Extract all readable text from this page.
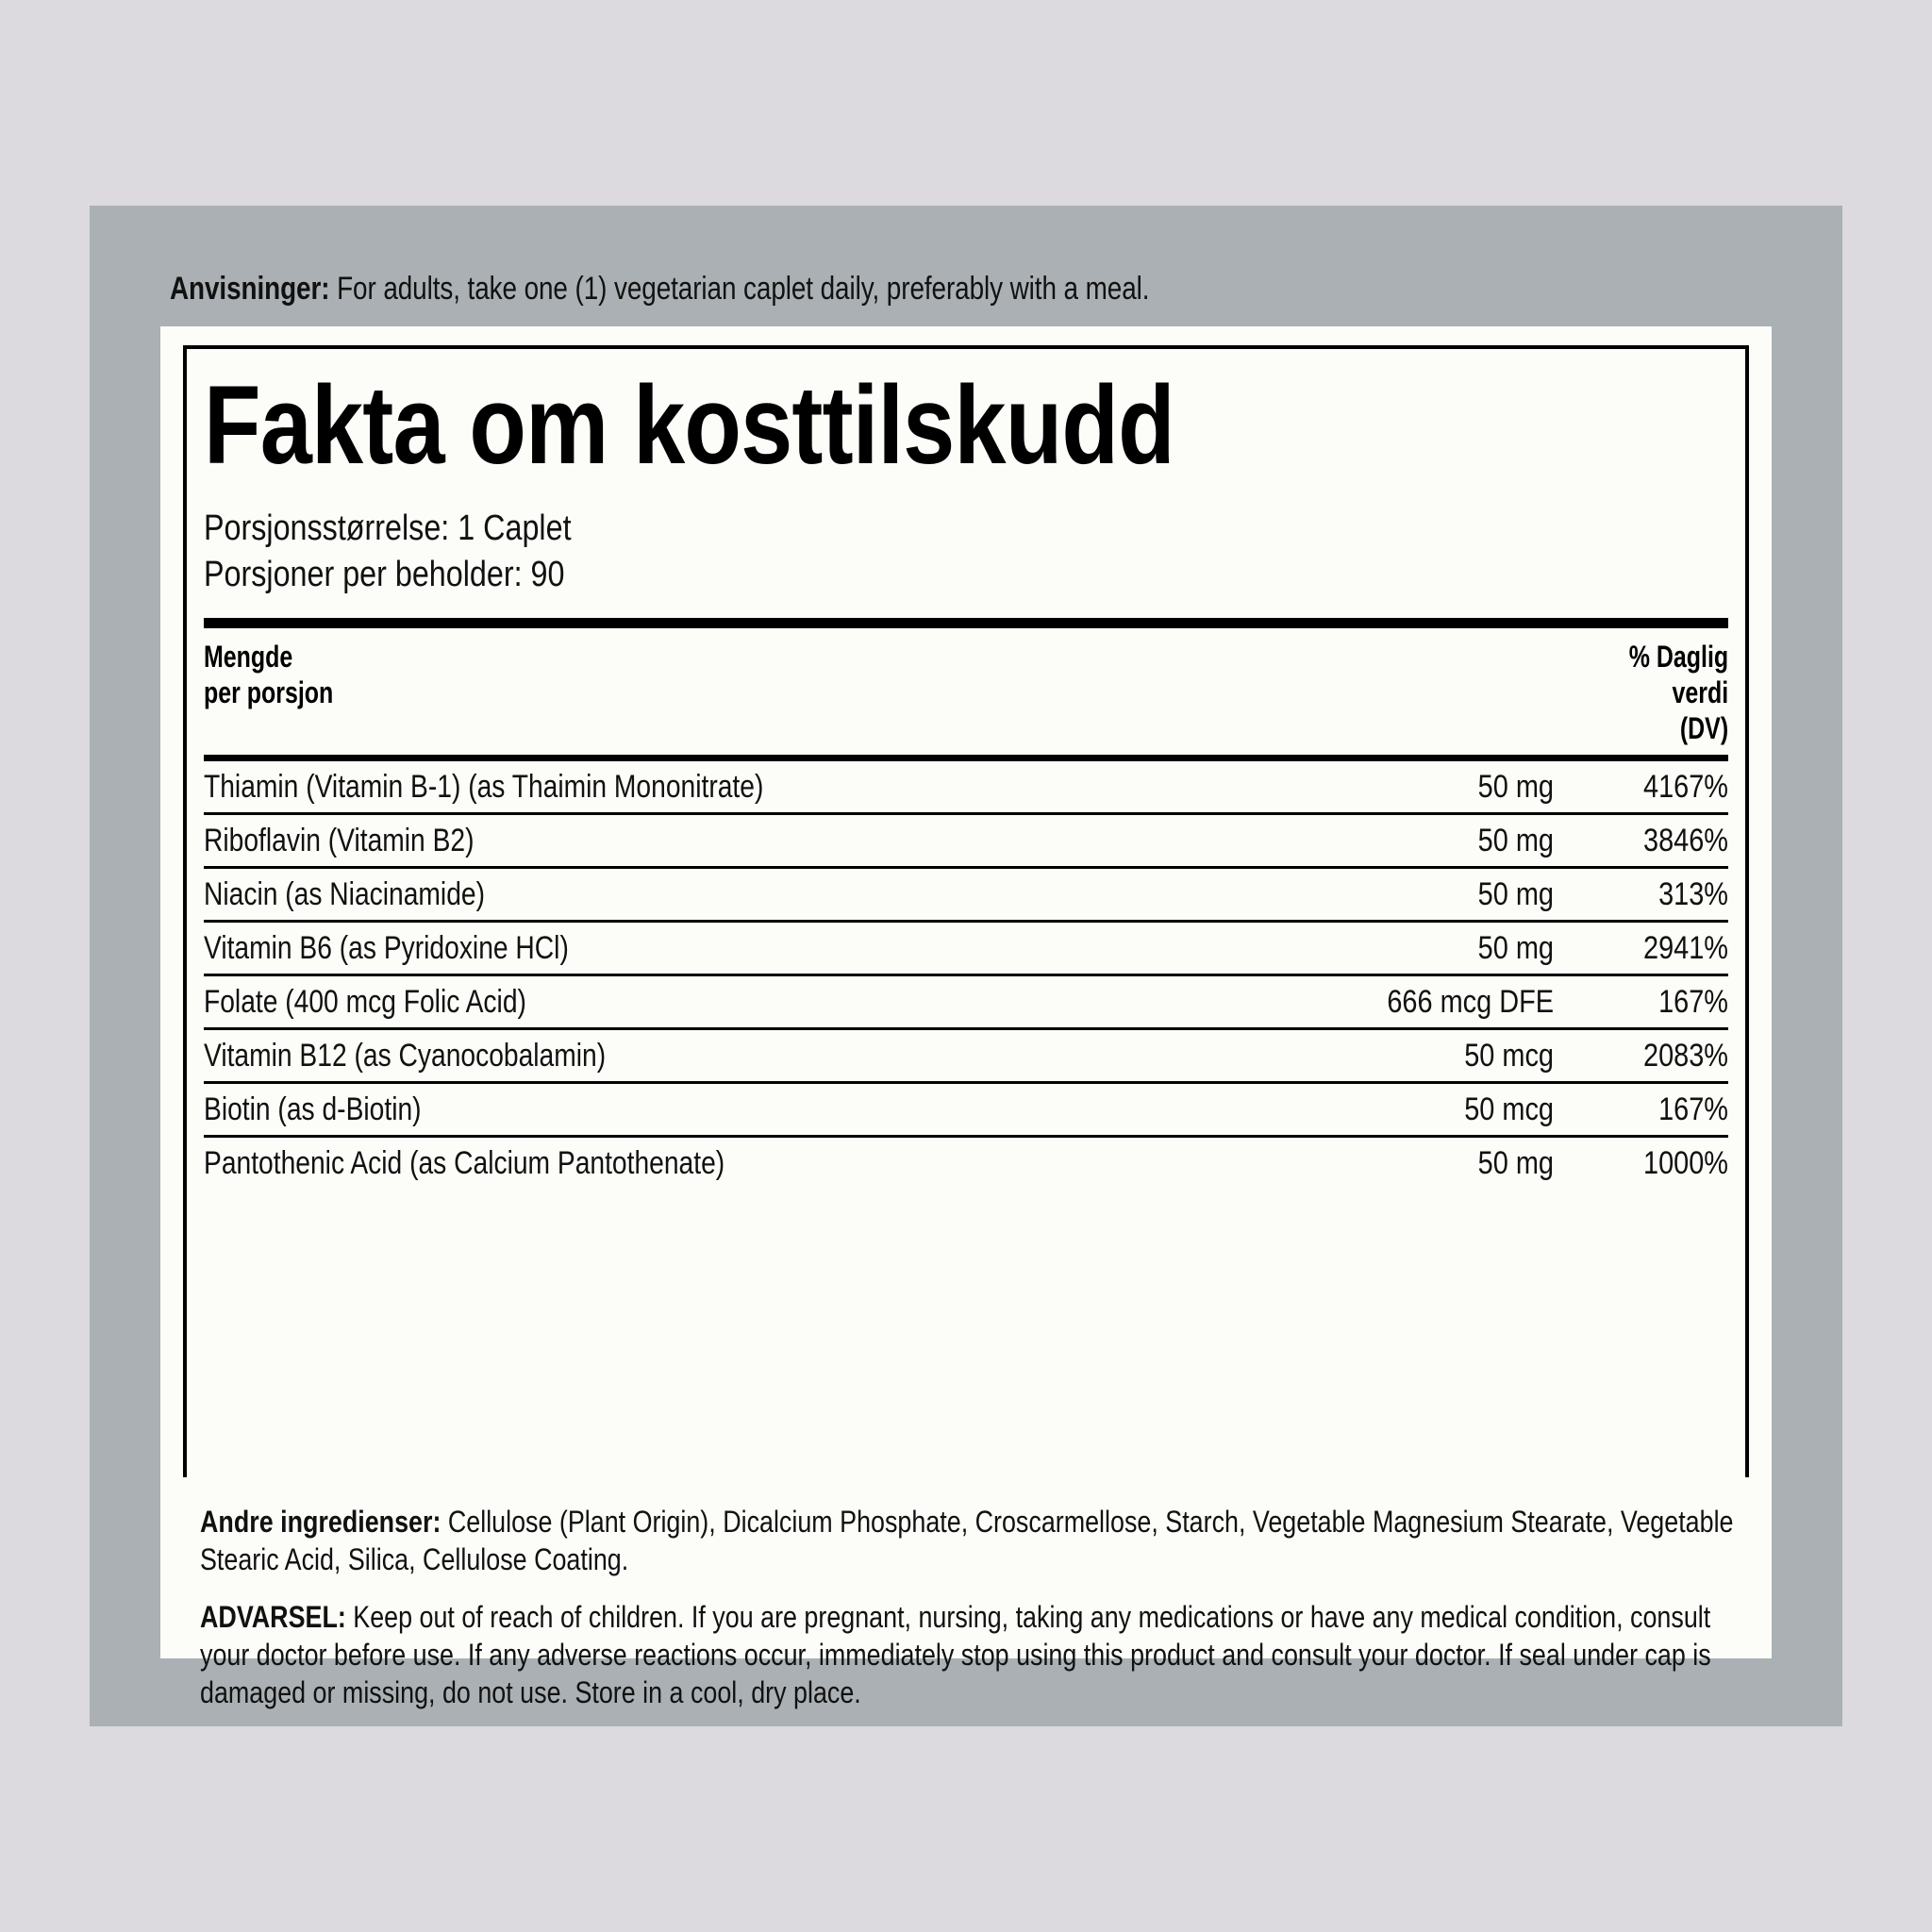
Anvisninger: For adults, take one (1) vegetarian caplet daily, preferably with a meal.
Fakta om kosttilskudd
Porsjonsstørrelse: 1 Caplet
Porsjoner per beholder: 90
Mengde
per porsjon
% Daglig
verdi
(DV)
Thiamin (Vitamin B-1) (as Thaimin Mononitrate)	50 mg	4167%
Riboflavin (Vitamin B2)	50 mg	3846%
Niacin (as Niacinamide)	50 mg	313%
Vitamin B6 (as Pyridoxine HCl)	50 mg	2941%
Folate (400 mcg Folic Acid)	666 mcg DFE	167%
Vitamin B12 (as Cyanocobalamin)	50 mcg	2083%
Biotin (as d-Biotin)	50 mcg	167%
Pantothenic Acid (as Calcium Pantothenate)	50 mg	1000%
Andre ingredienser: Cellulose (Plant Origin), Dicalcium Phosphate, Croscarmellose, Starch, Vegetable Magnesium Stearate, Vegetable Stearic Acid, Silica, Cellulose Coating.
ADVARSEL: Keep out of reach of children. If you are pregnant, nursing, taking any medications or have any medical condition, consult your doctor before use. If any adverse reactions occur, immediately stop using this product and consult your doctor. If seal under cap is damaged or missing, do not use. Store in a cool, dry place.
